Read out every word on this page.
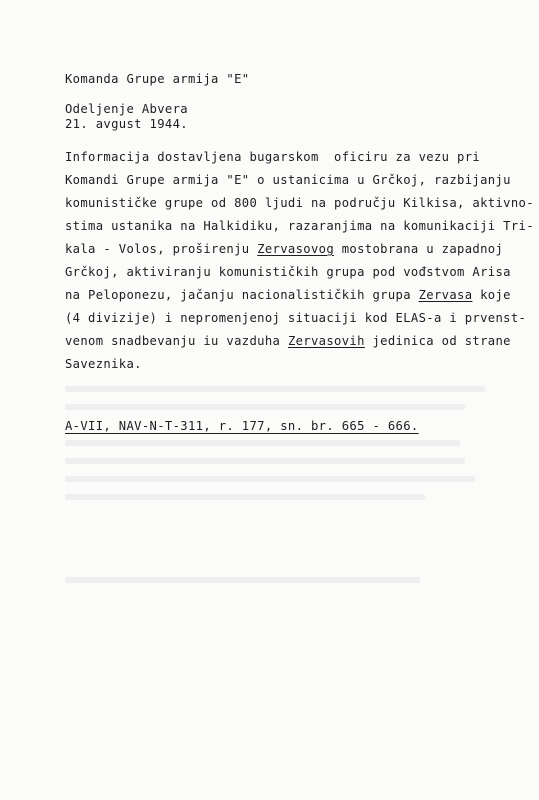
Komanda Grupe armija "E"
Odeljenje Abvera
21. avgust 1944.
Informacija dostavljena bugarskom  oficiru za vezu pri
Komandi Grupe armija "E" o ustanicima u Grčkoj, razbijanju
komunističke grupe od 800 ljudi na području Kilkisa, aktivno-
stima ustanika na Halkidiku, razaranjima na komunikaciji Tri-
kala - Volos, proširenju Zervasovog mostobrana u zapadnoj
Grčkoj, aktiviranju komunističkih grupa pod vođstvom Arisa
na Peloponezu, jačanju nacionalističkih grupa Zervasa koje
(4 divizije) i nepromenjenoj situaciji kod ELAS-a i prvenst-
venom snadbevanju iu vazduha Zervasovih jedinica od strane
Saveznika.
A-VII, NAV-N-T-311, r. 177, sn. br. 665 - 666.
